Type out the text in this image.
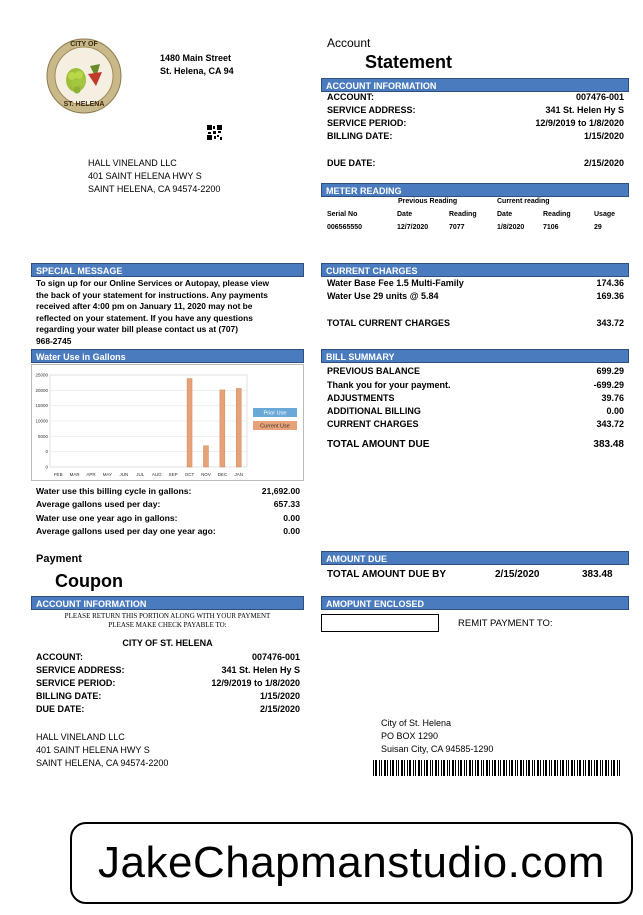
CITY OF
ST. HELENA
1480 Main Street
St. Helena, CA 94
HALL VINELAND LLC
401 SAINT HELENA HWY S
SAINT HELENA, CA 94574-2200
Account
Statement
ACCOUNT INFORMATION
ACCOUNT:	007476-001
SERVICE ADDRESS:	341 St. Helen Hy S
SERVICE PERIOD:	12/9/2019 to 1/8/2020
BILLING DATE:	1/15/2020
DUE DATE:	2/15/2020
METER READING
Previous Reading	Current reading
Serial No	Date	Reading	Date	Reading	Usage
006565550	12/7/2020	7077	1/8/2020	7106	29
SPECIAL MESSAGE
To sign up for our Online Services or Autopay, please view
the back of your statement for instructions. Any payments
received after 4:00 pm on January 11, 2020 may not be
reflected on your statement. If you have any questions
regarding your water bill please contact us at (707)
968-2745
CURRENT CHARGES
Water Base Fee 1.5 Multi-Family	174.36
Water Use 29 units @ 5.84	169.36
TOTAL CURRENT CHARGES	343.72
Water Use in Gallons
25000
20000
15000
10000
5000
0
0
FEB MAR APR MAY JUN JUL AUG SEP OCT NOV DEC JAN
Prior Use
Current Use
Water use this billing cycle in gallons:	21,692.00
Average gallons used per day:	657.33
Water use one year ago in gallons:	0.00
Average gallons used per day one year ago:	0.00
BILL SUMMARY
PREVIOUS BALANCE	699.29
Thank you for your payment.	-699.29
ADJUSTMENTS	39.76
ADDITIONAL BILLING	0.00
CURRENT CHARGES	343.72
TOTAL AMOUNT DUE	383.48
Payment
Coupon
AMOUNT DUE
TOTAL AMOUNT DUE BY	2/15/2020	383.48
ACCOUNT INFORMATION	AMOPUNT ENCLOSED
PLEASE RETURN THIS PORTION ALONG WITH YOUR PAYMENT
PLEASE MAKE CHECK PAYABLE TO:
CITY OF ST. HELENA
ACCOUNT:	007476-001
SERVICE ADDRESS:	341 St. Helen Hy S
SERVICE PERIOD:	12/9/2019 to 1/8/2020
BILLING DATE:	1/15/2020
DUE DATE:	2/15/2020
REMIT PAYMENT TO:
HALL VINELAND LLC
401 SAINT HELENA HWY S
SAINT HELENA, CA 94574-2200
City of St. Helena
PO BOX 1290
Suisan City, CA 94585-1290
JakeChapmanstudio.com
